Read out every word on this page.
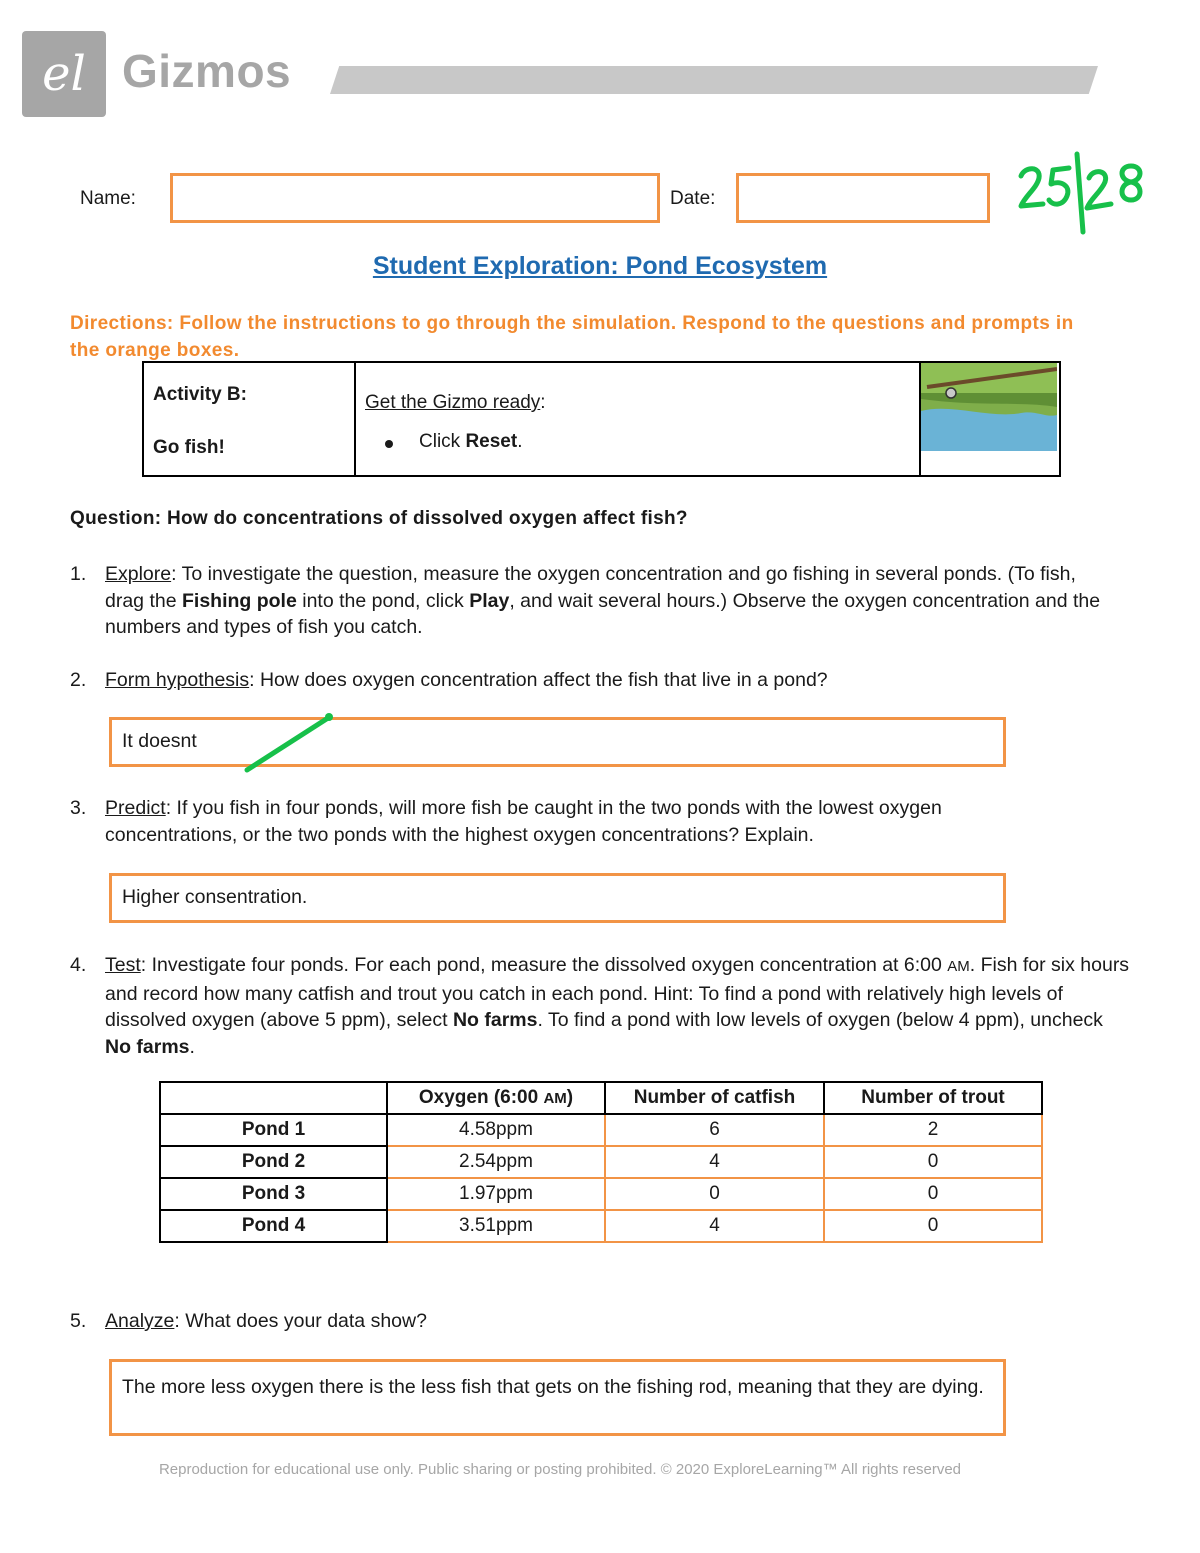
el Gizmos
Name:	Date:
Student Exploration: Pond Ecosystem
Directions: Follow the instructions to go through the simulation. Respond to the questions and prompts in the orange boxes.
Activity B:
Go fish!
Get the Gizmo ready:
Click Reset.
Question: How do concentrations of dissolved oxygen affect fish?
1. Explore: To investigate the question, measure the oxygen concentration and go fishing in several ponds. (To fish, drag the Fishing pole into the pond, click Play, and wait several hours.) Observe the oxygen concentration and the numbers and types of fish you catch.
2. Form hypothesis: How does oxygen concentration affect the fish that live in a pond?
It doesnt
3. Predict: If you fish in four ponds, will more fish be caught in the two ponds with the lowest oxygen concentrations, or the two ponds with the highest oxygen concentrations? Explain.
Higher consentration.
4. Test: Investigate four ponds. For each pond, measure the dissolved oxygen concentration at 6:00 AM. Fish for six hours and record how many catfish and trout you catch in each pond. Hint: To find a pond with relatively high levels of dissolved oxygen (above 5 ppm), select No farms. To find a pond with low levels of oxygen (below 4 ppm), uncheck No farms.
	Oxygen (6:00 AM)	Number of catfish	Number of trout
Pond 1	4.58ppm	6	2
Pond 2	2.54ppm	4	0
Pond 3	1.97ppm	0	0
Pond 4	3.51ppm	4	0
5. Analyze: What does your data show?
The more less oxygen there is the less fish that gets on the fishing rod, meaning that they are dying.
Reproduction for educational use only. Public sharing or posting prohibited. © 2020 ExploreLearning™ All rights reserved
